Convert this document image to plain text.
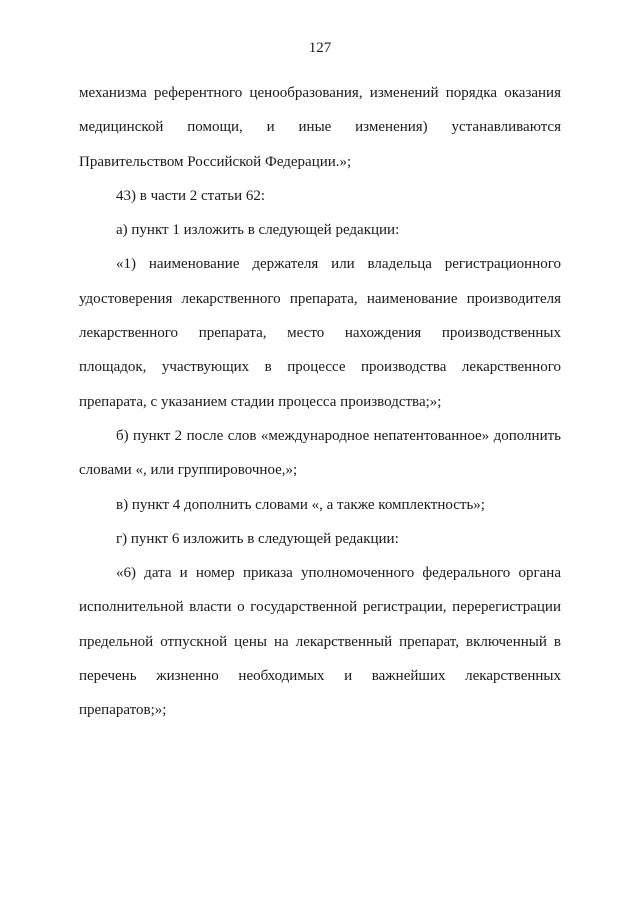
127
механизма референтного ценообразования, изменений порядка оказания
медицинской помощи, и иные изменения) устанавливаются
Правительством Российской Федерации.»;
43) в части 2 статьи 62:
а) пункт 1 изложить в следующей редакции:
«1) наименование держателя или владельца регистрационного
удостоверения лекарственного препарата, наименование производителя
лекарственного препарата, место нахождения производственных
площадок, участвующих в процессе производства лекарственного
препарата, с указанием стадии процесса производства;»;
б) пункт 2 после слов «международное непатентованное» дополнить
словами «, или группировочное,»;
в) пункт 4 дополнить словами «, а также комплектность»;
г) пункт 6 изложить в следующей редакции:
«6) дата и номер приказа уполномоченного федерального органа
исполнительной власти о государственной регистрации, перерегистрации
предельной отпускной цены на лекарственный препарат, включенный в
перечень жизненно необходимых и важнейших лекарственных
препаратов;»;
